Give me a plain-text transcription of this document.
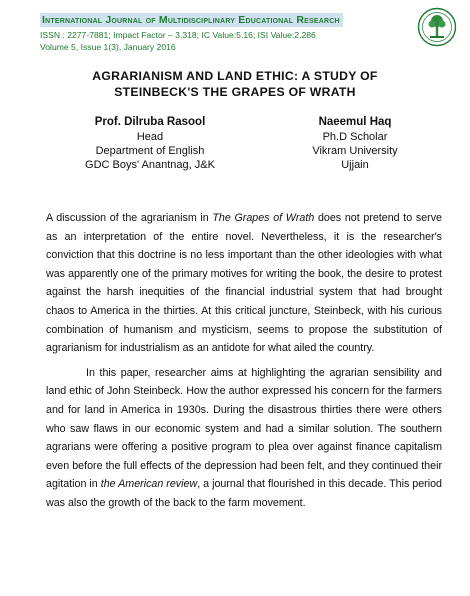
International Journal of Multidisciplinary Educational Research
ISSN : 2277-7881; Impact Factor – 3.318; IC Value:5.16; ISI Value:2.286
Volume 5, Issue 1(3), January 2016
AGRARIANISM AND LAND ETHIC: A STUDY OF
STEINBECK'S THE GRAPES OF WRATH
Prof. Dilruba Rasool
Head
Department of English
GDC Boys' Anantnag, J&K
Naeemul Haq
Ph.D Scholar
Vikram University
Ujjain

A discussion of the agrarianism in The Grapes of Wrath does not pretend to serve as an interpretation of the entire novel. Nevertheless, it is the researcher's conviction that this doctrine is no less important than the other ideologies with what was apparently one of the primary motives for writing the book, the desire to protest against the harsh inequities of the financial industrial system that had brought chaos to America in the thirties. At this critical juncture, Steinbeck, with his curious combination of humanism and mysticism, seems to propose the substitution of agrarianism for industrialism as an antidote for what ailed the country.

In this paper, researcher aims at highlighting the agrarian sensibility and land ethic of John Steinbeck. How the author expressed his concern for the farmers and for land in America in 1930s. During the disastrous thirties there were others who saw flaws in our economic system and had a similar solution. The southern agrarians were offering a positive program to plea over against finance capitalism even before the full effects of the depression had been felt, and they continued their agitation in the American review, a journal that flourished in this decade. This period was also the growth of the back to the farm movement.
